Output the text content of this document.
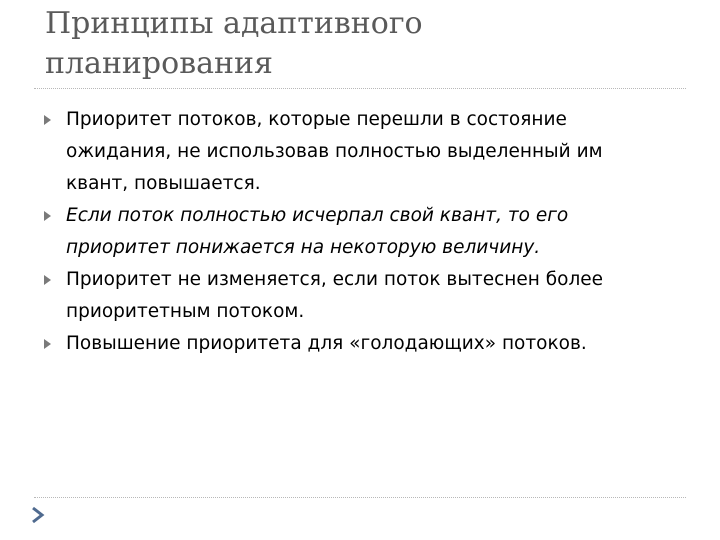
Принципы адаптивного
планирования
Приоритет потоков, которые перешли в состояние
ожидания, не использовав полностью выделенный им
квант, повышается.
Если поток полностью исчерпал свой квант, то его
приоритет понижается на некоторую величину.
Приоритет не изменяется, если поток вытеснен более
приоритетным потоком.
Повышение приоритета для «голодающих» потоков.
